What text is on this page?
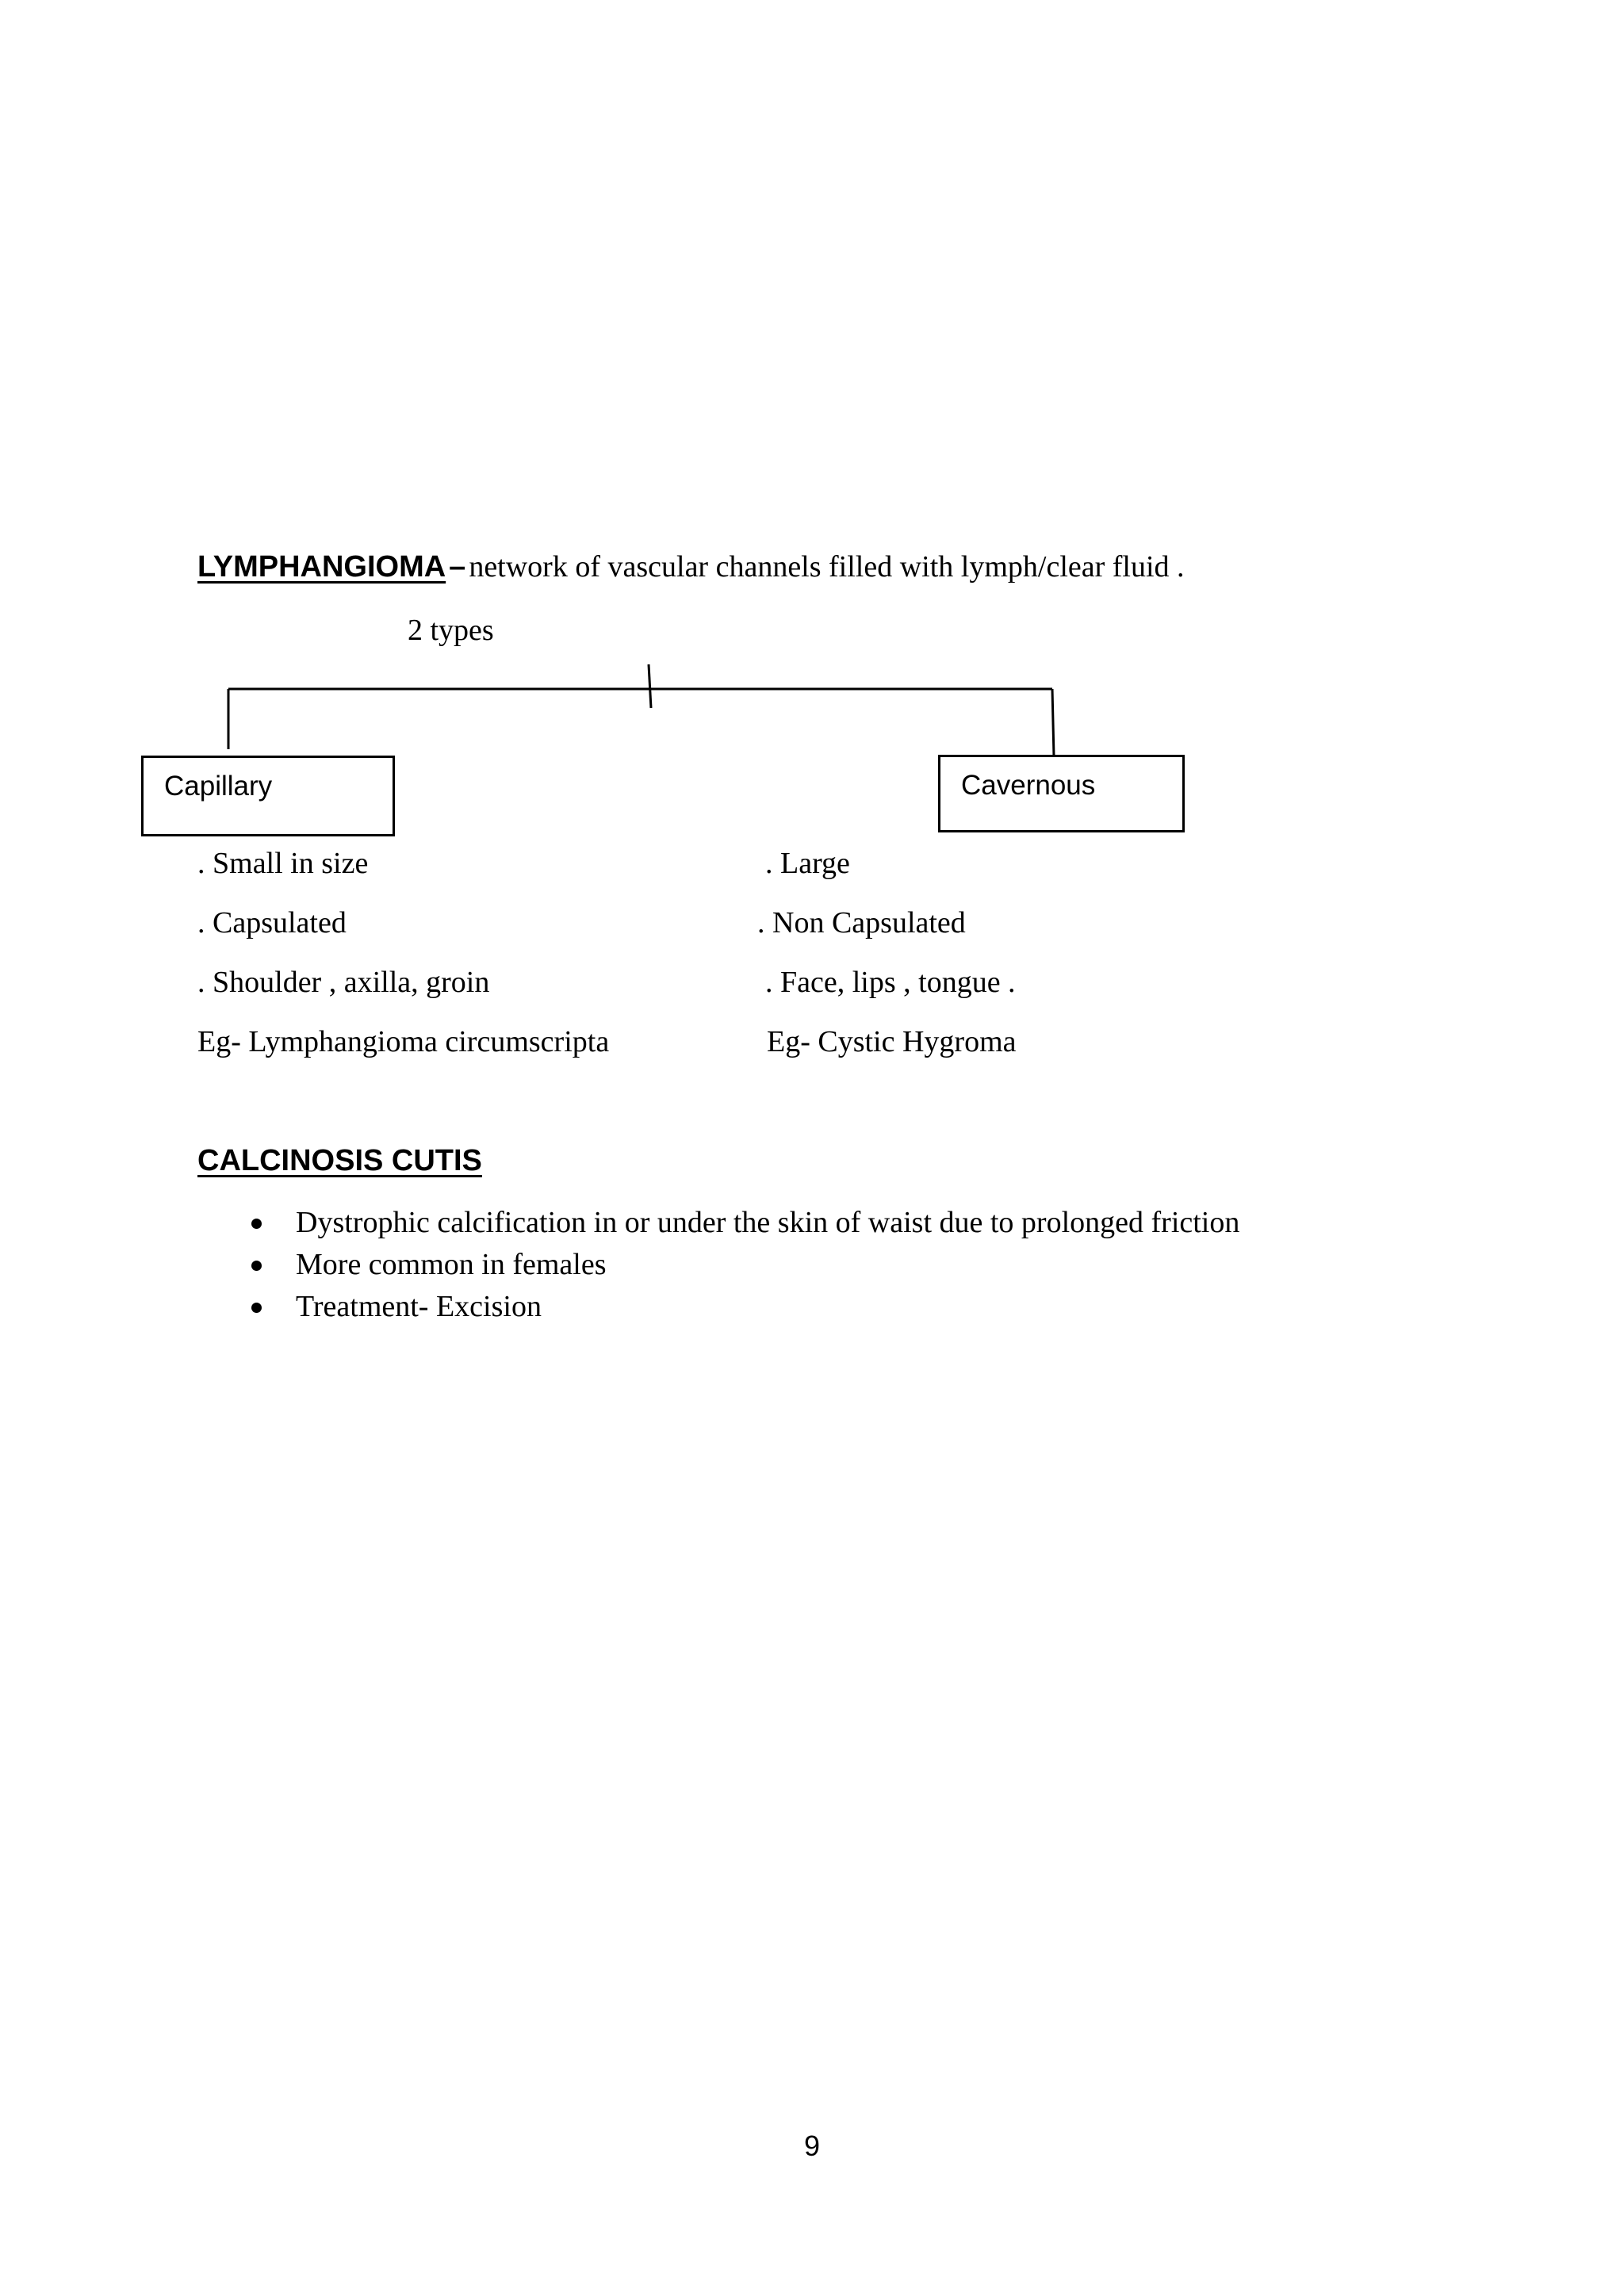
LYMPHANGIOMA – network of vascular channels filled with lymph/clear fluid .
2 types
Capillary	Cavernous
. Small in size
. Capsulated
. Shoulder , axilla, groin
Eg- Lymphangioma circumscripta
. Large
. Non Capsulated
. Face, lips , tongue .
Eg- Cystic Hygroma
CALCINOSIS CUTIS
Dystrophic calcification in or under the skin of waist due to prolonged friction
More common in females
Treatment- Excision
9
